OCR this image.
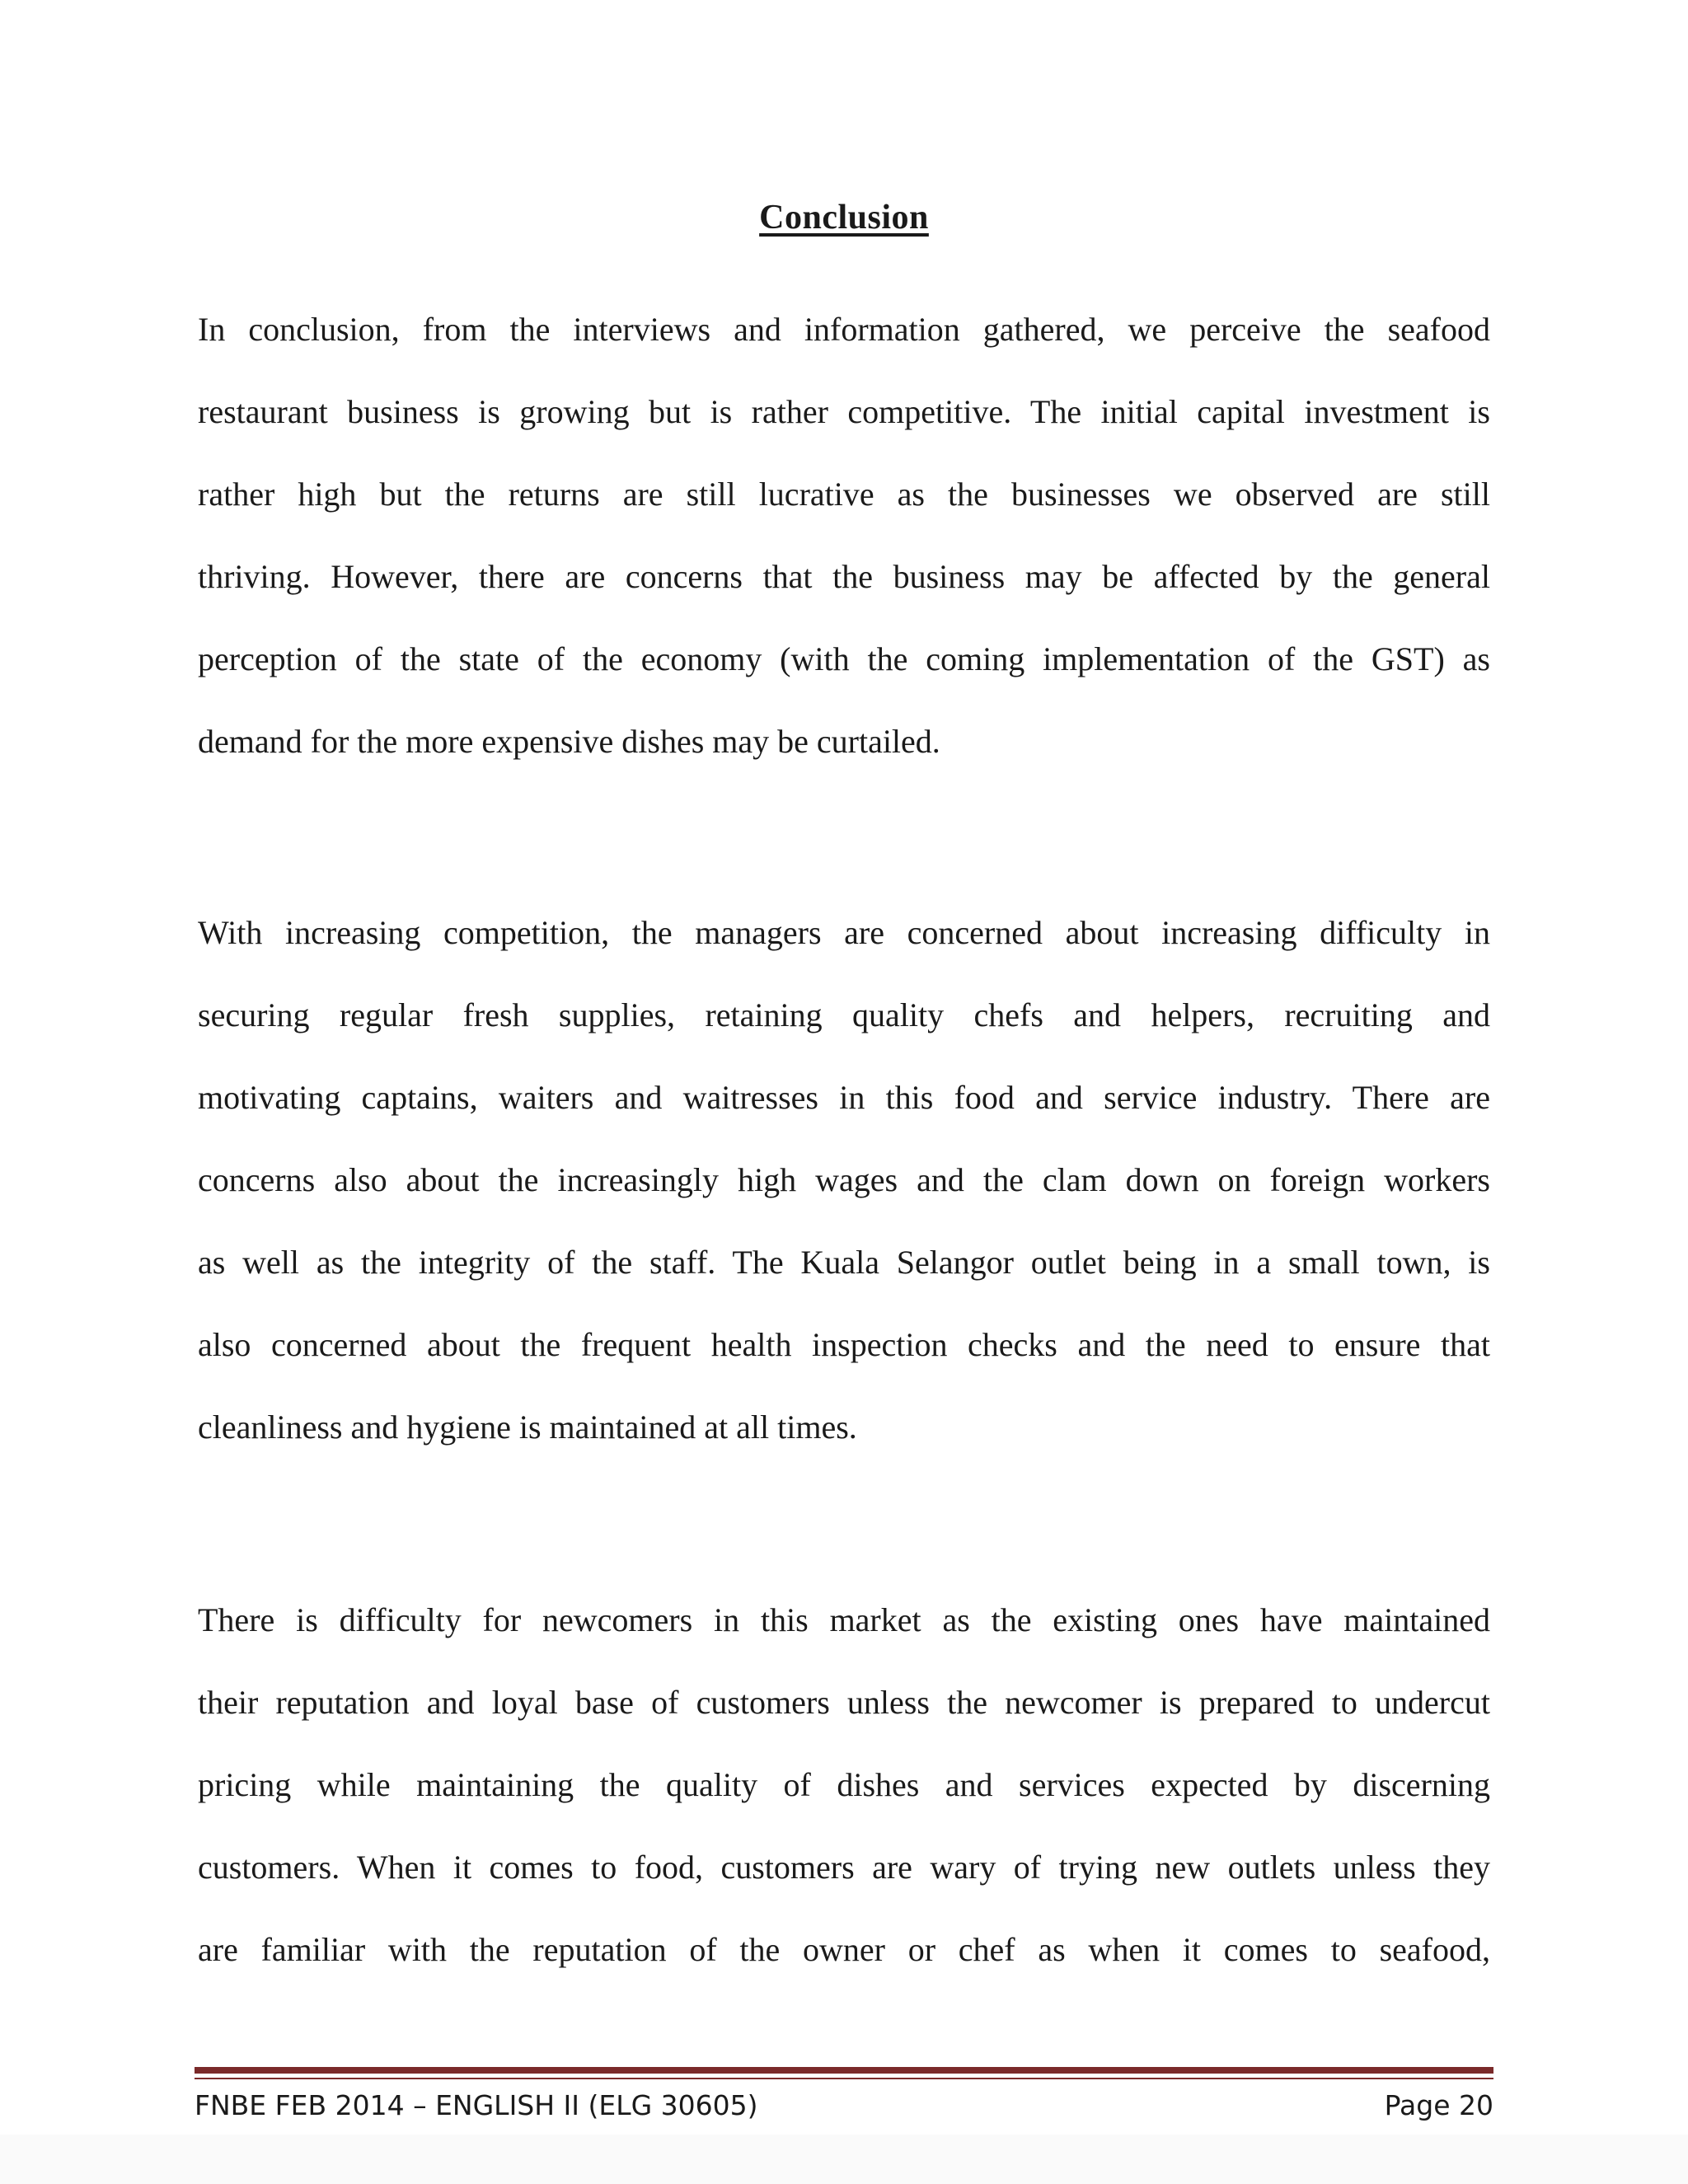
Conclusion

In conclusion, from the interviews and information gathered, we perceive the seafood
restaurant business is growing but is rather competitive. The initial capital investment is
rather high but the returns are still lucrative as the businesses we observed are still
thriving. However, there are concerns that the business may be affected by the general
perception of the state of the economy (with the coming implementation of the GST) as
demand for the more expensive dishes may be curtailed.

With increasing competition, the managers are concerned about increasing difficulty in
securing regular fresh supplies, retaining quality chefs and helpers, recruiting and
motivating captains, waiters and waitresses in this food and service industry. There are
concerns also about the increasingly high wages and the clam down on foreign workers
as well as the integrity of the staff. The Kuala Selangor outlet being in a small town, is
also concerned about the frequent health inspection checks and the need to ensure that
cleanliness and hygiene is maintained at all times.

There is difficulty for newcomers in this market as the existing ones have maintained
their reputation and loyal base of customers unless the newcomer is prepared to undercut
pricing while maintaining the quality of dishes and services expected by discerning
customers. When it comes to food, customers are wary of trying new outlets unless they
are familiar with the reputation of the owner or chef as when it comes to seafood,

FNBE FEB 2014 – ENGLISH II (ELG 30605)	Page 20
